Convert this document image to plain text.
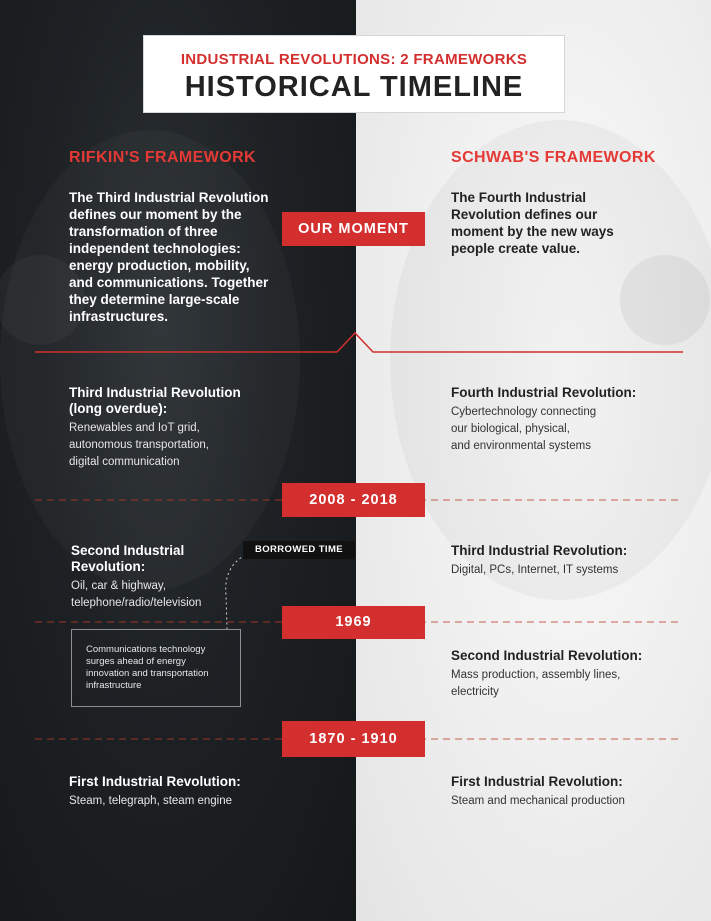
INDUSTRIAL REVOLUTIONS: 2 FRAMEWORKS
HISTORICAL TIMELINE
RIFKIN'S FRAMEWORK	SCHWAB'S FRAMEWORK
The Third Industrial Revolution defines our moment by the transformation of three independent technologies: energy production, mobility, and communications. Together they determine large-scale infrastructures.
The Fourth Industrial Revolution defines our moment by the new ways people create value.
OUR MOMENT
2008 - 2018
1969
1870 - 1910
Third Industrial Revolution
(long overdue):
Renewables and IoT grid,
autonomous transportation,
digital communication
Second Industrial
Revolution:
Oil, car & highway,
telephone/radio/television
First Industrial Revolution:
Steam, telegraph, steam engine
Fourth Industrial Revolution:
Cybertechnology connecting
our biological, physical,
and environmental systems
Third Industrial Revolution:
Digital, PCs, Internet, IT systems
Second Industrial Revolution:
Mass production, assembly lines,
electricity
First Industrial Revolution:
Steam and mechanical production
BORROWED TIME
Communications technology surges ahead of energy innovation and transportation infrastructure
